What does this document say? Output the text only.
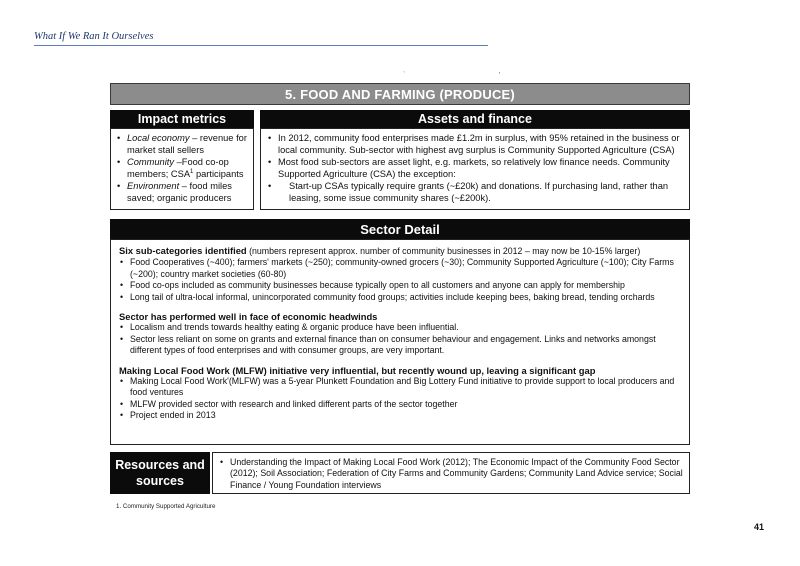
What If We Ran It Ourselves
`	'
5. FOOD AND FARMING (PRODUCE)
Impact metrics
• Local economy – revenue for market stall sellers
• Community –Food co-op members; CSA$^1$ participants
• Environment – food miles saved; organic producers
Assets and finance
• In 2012, community food enterprises made £1.2m in surplus, with 95% retained in the business or local community. Sub-sector with highest avg surplus is Community Supported Agriculture (CSA)
• Most food sub-sectors are asset light, e.g. markets, so relatively low finance needs. Community Supported Agriculture (CSA) the exception:
• Start-up CSAs typically require grants (~£20k) and donations. If purchasing land, rather than leasing, some issue community shares (~£200k).
Sector Detail
Six sub-categories identified (numbers represent approx. number of community businesses in 2012 – may now be 10-15% larger)
• Food Cooperatives (~400); farmers' markets (~250); community-owned grocers (~30); Community Supported Agriculture (~100); City Farms (~200); country market societies (60-80)
• Food co-ops included as community businesses because typically open to all customers and anyone can apply for membership
• Long tail of ultra-local informal, unincorporated community food groups; activities include keeping bees, baking bread, tending orchards
Sector has performed well in face of economic headwinds
• Localism and trends towards healthy eating & organic produce have been influential.
• Sector less reliant on some on grants and external finance than on consumer behaviour and engagement. Links and networks amongst different types of food enterprises and with consumer groups, are very important.
Making Local Food Work (MLFW) initiative very influential, but recently wound up, leaving a significant gap
• Making Local Food Work'(MLFW) was a 5-year Plunkett Foundation and Big Lottery Fund initiative to provide support to local producers and food ventures
• MLFW provided sector with research and linked different parts of the sector together
• Project ended in 2013
Resources and
sources
• Understanding the Impact of Making Local Food Work (2012); The Economic Impact of the Community Food Sector (2012); Soil Association; Federation of City Farms and Community Gardens; Community Land Advice service; Social Finance / Young Foundation interviews
1. Community Supported Agriculture
41
